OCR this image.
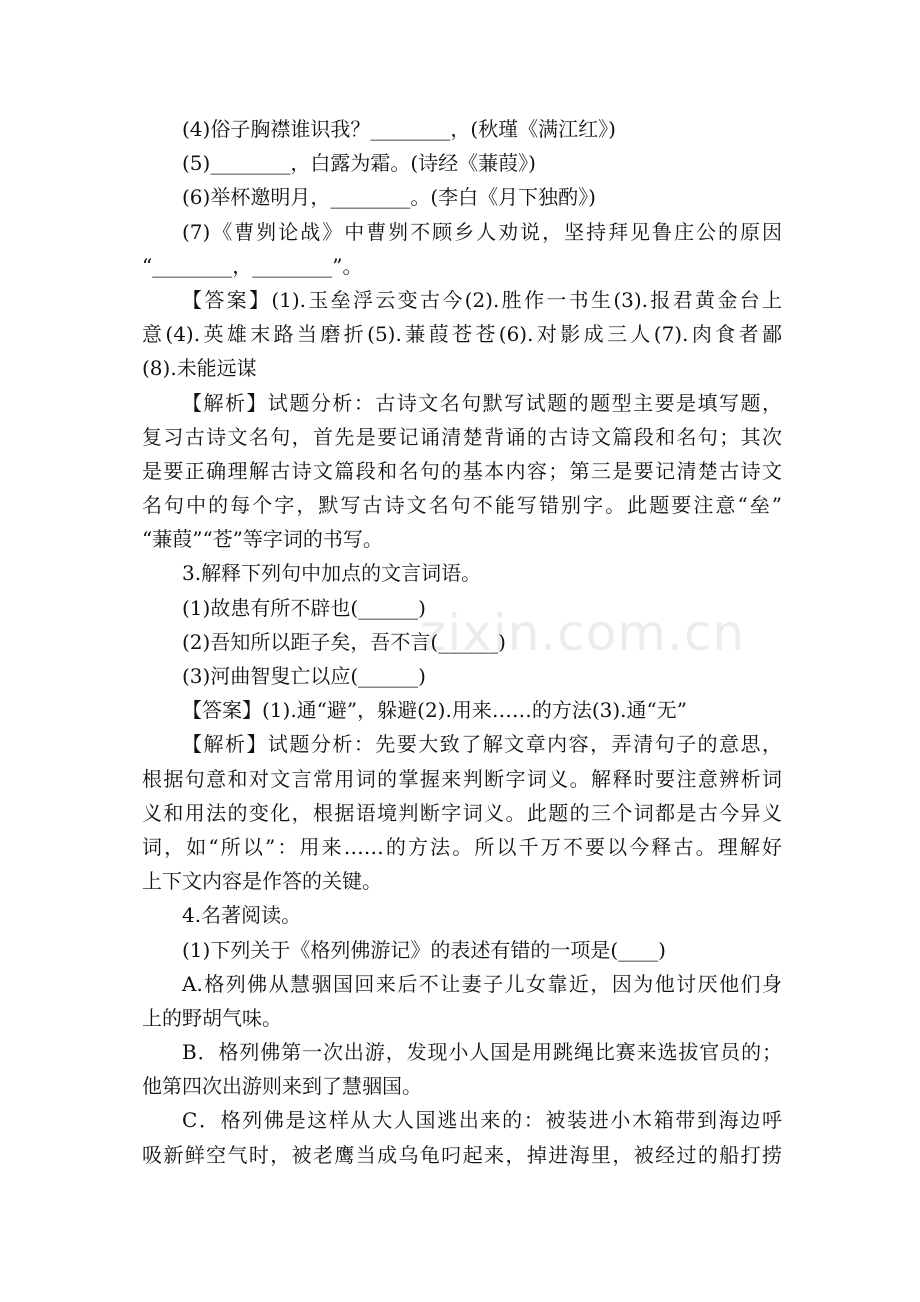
(4)俗子胸襟谁识我？________，(秋瑾《满江红》)
(5)________，白露为霜。(诗经《蒹葭》)
(6)举杯邀明月，________。(李白《月下独酌》)
(7)《曹刿论战》中曹刿不顾乡人劝说，坚持拜见鲁庄公的原因
“________，________”。
【答案】(1).玉垒浮云变古今(2).胜作一书生(3).报君黄金台上
意(4).英雄末路当磨折(5).蒹葭苍苍(6).对影成三人(7).肉食者鄙
(8).未能远谋
【解析】试题分析：古诗文名句默写试题的题型主要是填写题，
复习古诗文名句，首先是要记诵清楚背诵的古诗文篇段和名句；其次
是要正确理解古诗文篇段和名句的基本内容；第三是要记清楚古诗文
名句中的每个字，默写古诗文名句不能写错别字。此题要注意“垒”
“蒹葭”“苍”等字词的书写。
3.解释下列句中加点的文言词语。
(1)故患有所不辟也(______)
(2)吾知所以距子矣，吾不言(______)
(3)河曲智叟亡以应(______)
【答案】(1).通“避”，躲避(2).用来……的方法(3).通“无”
【解析】试题分析：先要大致了解文章内容，弄清句子的意思，
根据句意和对文言常用词的掌握来判断字词义。解释时要注意辨析词
义和用法的变化，根据语境判断字词义。此题的三个词都是古今异义
词，如“所以”：用来……的方法。所以千万不要以今释古。理解好
上下文内容是作答的关键。
4.名著阅读。
(1)下列关于《格列佛游记》的表述有错的一项是(____)
A.格列佛从慧骃国回来后不让妻子儿女靠近，因为他讨厌他们身
上的野胡气味。
B．格列佛第一次出游，发现小人国是用跳绳比赛来选拔官员的；
他第四次出游则来到了慧骃国。
C．格列佛是这样从大人国逃出来的：被装进小木箱带到海边呼
吸新鲜空气时，被老鹰当成乌龟叼起来，掉进海里，被经过的船打捞
zixin.com.cn
